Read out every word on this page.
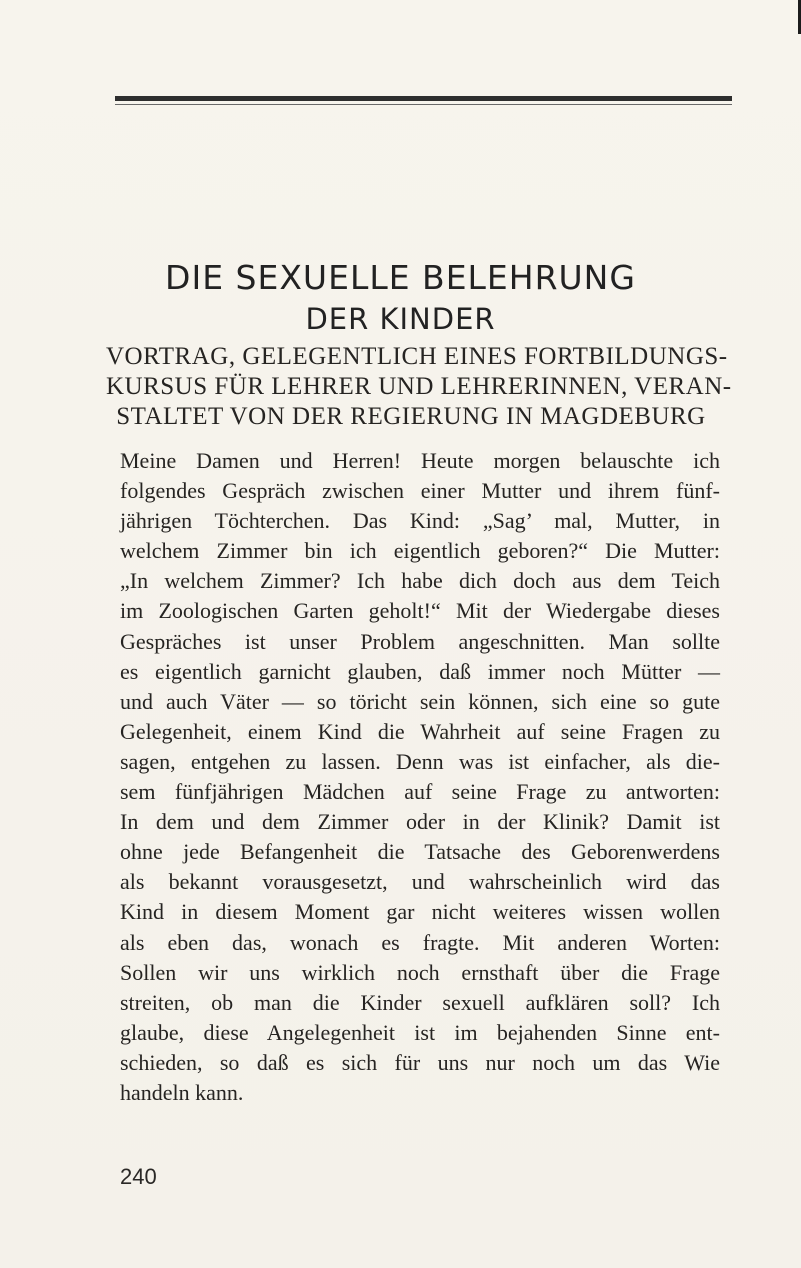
DIE SEXUELLE BELEHRUNG
DER KINDER
VORTRAG, GELEGENTLICH EINES FORTBILDUNGS-
KURSUS FÜR LEHRER UND LEHRERINNEN, VERAN-
STALTET VON DER REGIERUNG IN MAGDEBURG
Meine Damen und Herren! Heute morgen belauschte ich
folgendes Gespräch zwischen einer Mutter und ihrem fünf-
jährigen Töchterchen. Das Kind: „Sag’ mal, Mutter, in
welchem Zimmer bin ich eigentlich geboren?“ Die Mutter:
„In welchem Zimmer? Ich habe dich doch aus dem Teich
im Zoologischen Garten geholt!“ Mit der Wiedergabe dieses
Gespräches ist unser Problem angeschnitten. Man sollte
es eigentlich garnicht glauben, daß immer noch Mütter —
und auch Väter — so töricht sein können, sich eine so gute
Gelegenheit, einem Kind die Wahrheit auf seine Fragen zu
sagen, entgehen zu lassen. Denn was ist einfacher, als die-
sem fünfjährigen Mädchen auf seine Frage zu antworten:
In dem und dem Zimmer oder in der Klinik? Damit ist
ohne jede Befangenheit die Tatsache des Geborenwerdens
als bekannt vorausgesetzt, und wahrscheinlich wird das
Kind in diesem Moment gar nicht weiteres wissen wollen
als eben das, wonach es fragte. Mit anderen Worten:
Sollen wir uns wirklich noch ernsthaft über die Frage
streiten, ob man die Kinder sexuell aufklären soll? Ich
glaube, diese Angelegenheit ist im bejahenden Sinne ent-
schieden, so daß es sich für uns nur noch um das Wie
handeln kann.
240
